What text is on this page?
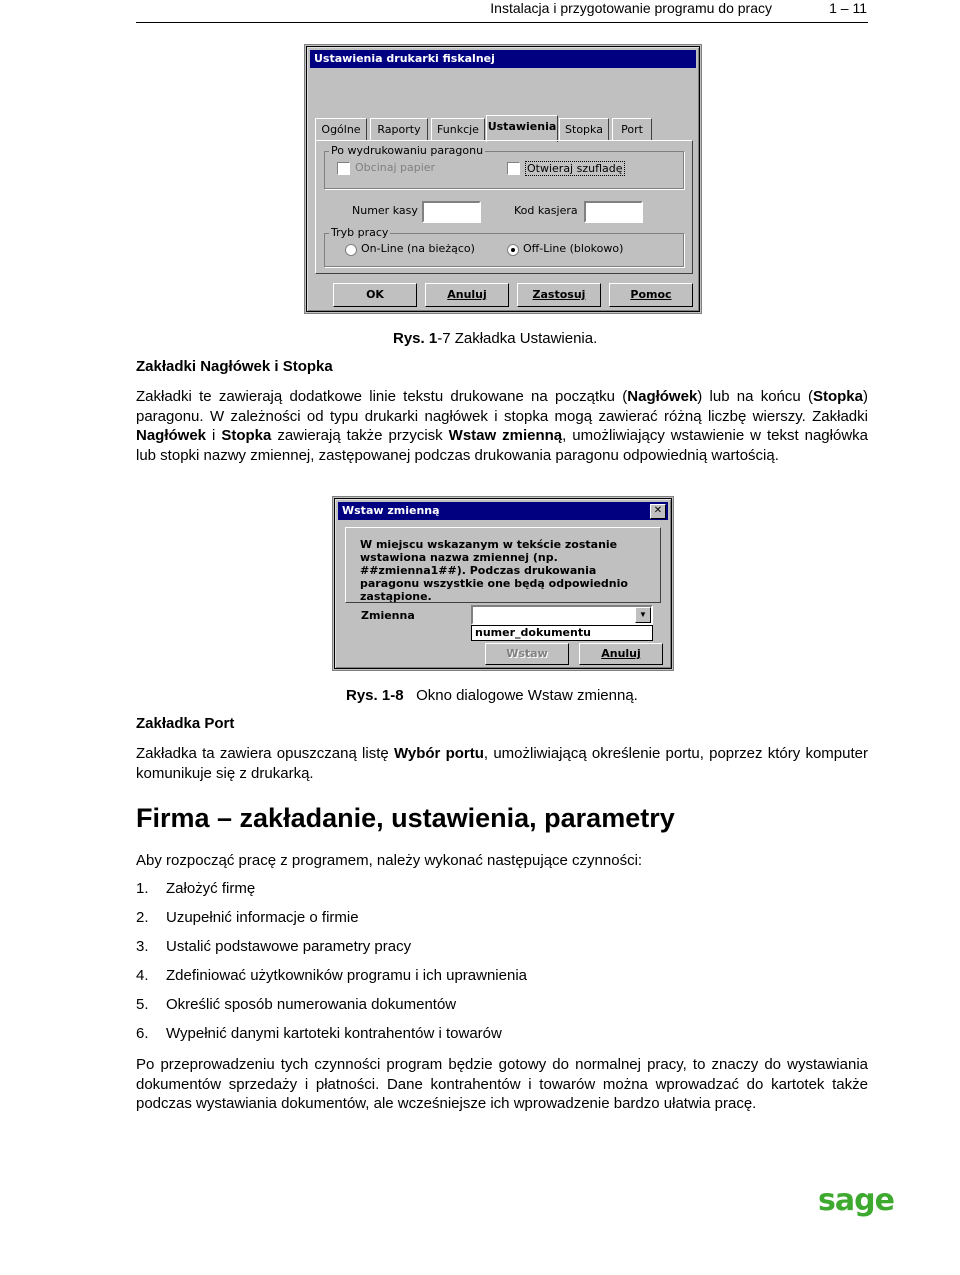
Instalacja i przygotowanie programu do pracy	1 – 11
Ustawienia drukarki fiskalnej
Ogólne	Raporty	Funkcje Ustawienia Stopka	Port
Po wydrukowaniu paragonu
Obcinaj papier	Otwieraj szufladę
Numer kasy	Kod kasjera
Tryb pracy
On-Line (na bieżąco)	Off-Line (blokowo)
OK	Anuluj	Zastosuj	Pomoc
Rys. 1-7 Zakładka Ustawienia.
Zakładki Nagłówek i Stopka
Zakładki te zawierają dodatkowe linie tekstu drukowane na początku (Nagłówek) lub na końcu (Stopka) paragonu. W zależności od typu drukarki nagłówek i stopka mogą zawierać różną liczbę wierszy. Zakładki Nagłówek i Stopka zawierają także przycisk Wstaw zmienną, umożliwiający wstawienie w tekst nagłówka lub stopki nazwy zmiennej, zastępowanej podczas drukowania paragonu odpowiednią wartością.
Wstaw zmienną	✕
W miejscu wskazanym w tekście zostanie wstawiona nazwa zmiennej (np. ##zmienna1##). Podczas drukowania paragonu wszystkie one będą odpowiednio zastąpione.
Zmienna	▼
numer_dokumentu
Wstaw	Anuluj
Rys. 1-8 Okno dialogowe Wstaw zmienną.
Zakładka Port
Zakładka ta zawiera opuszczaną listę Wybór portu, umożliwiającą określenie portu, poprzez który komputer komunikuje się z drukarką.
Firma – zakładanie, ustawienia, parametry
Aby rozpocząć pracę z programem, należy wykonać następujące czynności:
1. Założyć firmę
2. Uzupełnić informacje o firmie
3. Ustalić podstawowe parametry pracy
4. Zdefiniować użytkowników programu i ich uprawnienia
5. Określić sposób numerowania dokumentów
6. Wypełnić danymi kartoteki kontrahentów i towarów
Po przeprowadzeniu tych czynności program będzie gotowy do normalnej pracy, to znaczy do wystawiania dokumentów sprzedaży i płatności. Dane kontrahentów i towarów można wprowadzać do kartotek także podczas wystawiania dokumentów, ale wcześniejsze ich wprowadzenie bardzo ułatwia pracę.
sage
